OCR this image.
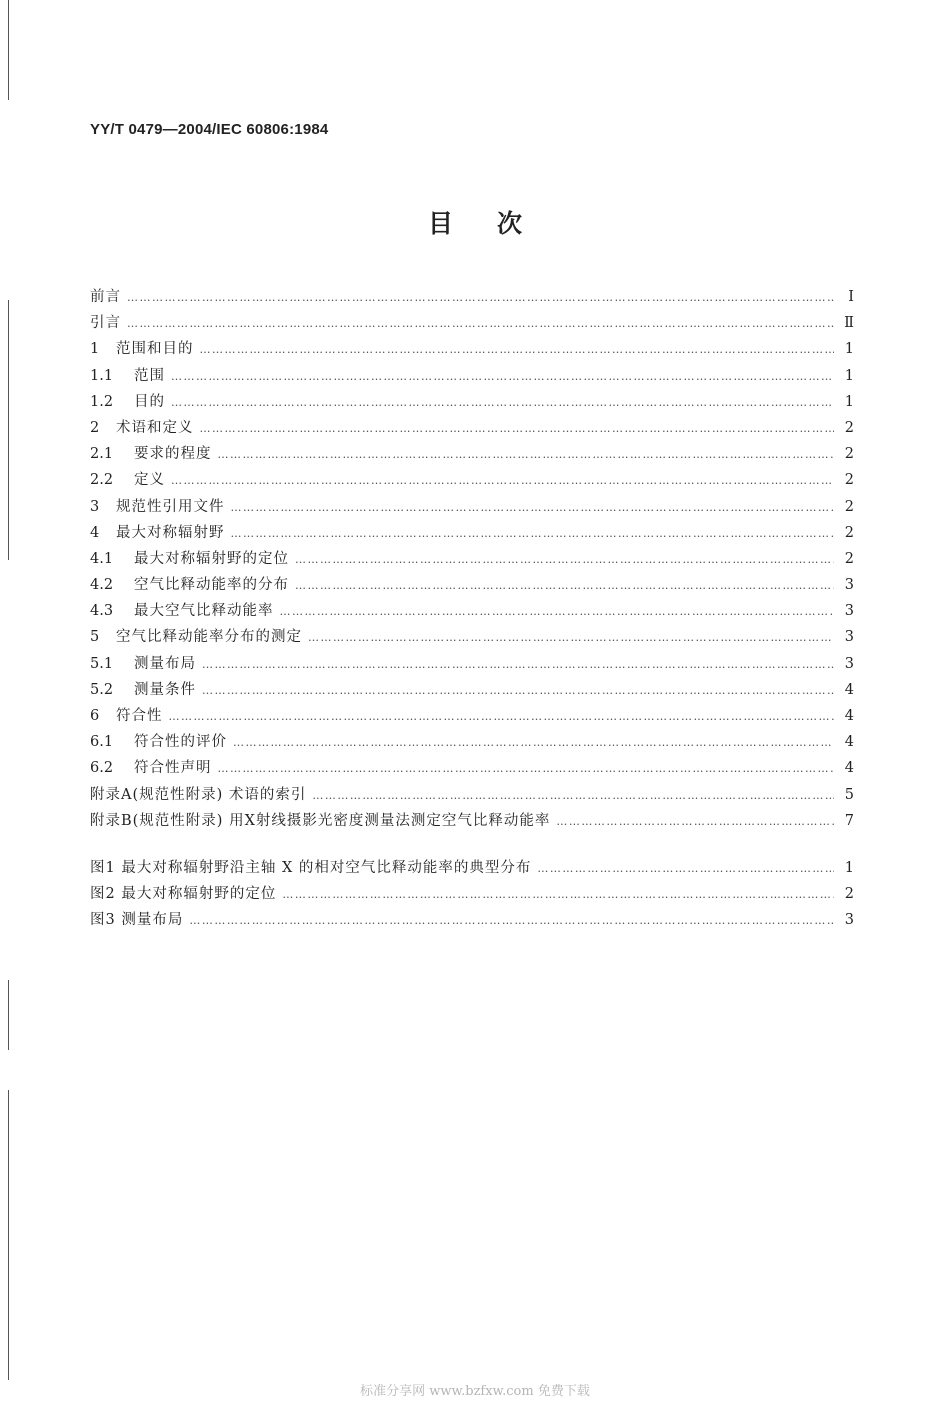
YY/T 0479—2004/IEC 60806:1984
目次
前言 ……………………………………………………………………………………………………………………………………………………………………………………………………………………………………	I
引言 ……………………………………………………………………………………………………………………………………………………………………………………………………………………………………	Ⅱ
1	范围和目的 ……………………………………………………………………………………………………………………………………………………………………………………………………………………………………	1
1.1	范围 ……………………………………………………………………………………………………………………………………………………………………………………………………………………………………	1
1.2	目的 ……………………………………………………………………………………………………………………………………………………………………………………………………………………………………	1
2	术语和定义 ……………………………………………………………………………………………………………………………………………………………………………………………………………………………………	2
2.1	要求的程度 ……………………………………………………………………………………………………………………………………………………………………………………………………………………………………	2
2.2	定义 ……………………………………………………………………………………………………………………………………………………………………………………………………………………………………	2
3	规范性引用文件 ……………………………………………………………………………………………………………………………………………………………………………………………………………………………………	2
4	最大对称辐射野 ……………………………………………………………………………………………………………………………………………………………………………………………………………………………………	2
4.1	最大对称辐射野的定位 ……………………………………………………………………………………………………………………………………………………………………………………………………………………………………	2
4.2	空气比释动能率的分布 ……………………………………………………………………………………………………………………………………………………………………………………………………………………………………	3
4.3	最大空气比释动能率 ……………………………………………………………………………………………………………………………………………………………………………………………………………………………………	3
5	空气比释动能率分布的测定 ……………………………………………………………………………………………………………………………………………………………………………………………………………………………………	3
5.1	测量布局 ……………………………………………………………………………………………………………………………………………………………………………………………………………………………………	3
5.2	测量条件 ……………………………………………………………………………………………………………………………………………………………………………………………………………………………………	4
6	符合性 ……………………………………………………………………………………………………………………………………………………………………………………………………………………………………	4
6.1	符合性的评价 ……………………………………………………………………………………………………………………………………………………………………………………………………………………………………	4
6.2	符合性声明 ……………………………………………………………………………………………………………………………………………………………………………………………………………………………………	4
附录A(规范性附录) 术语的索引 ……………………………………………………………………………………………………………………………………………………………………………………………………………………………………	5
附录B(规范性附录) 用X射线摄影光密度测量法测定空气比释动能率 ……………………………………………………………………………………………………………………………………………………………………………………………………………………………………	7
图1 最大对称辐射野沿主轴 X 的相对空气比释动能率的典型分布 ……………………………………………………………………………………………………………………………………………………………………………………………………………………………………	1
图2 最大对称辐射野的定位 ……………………………………………………………………………………………………………………………………………………………………………………………………………………………………	2
图3 测量布局 ……………………………………………………………………………………………………………………………………………………………………………………………………………………………………	3
标准分享网 www.bzfxw.com 免费下载
